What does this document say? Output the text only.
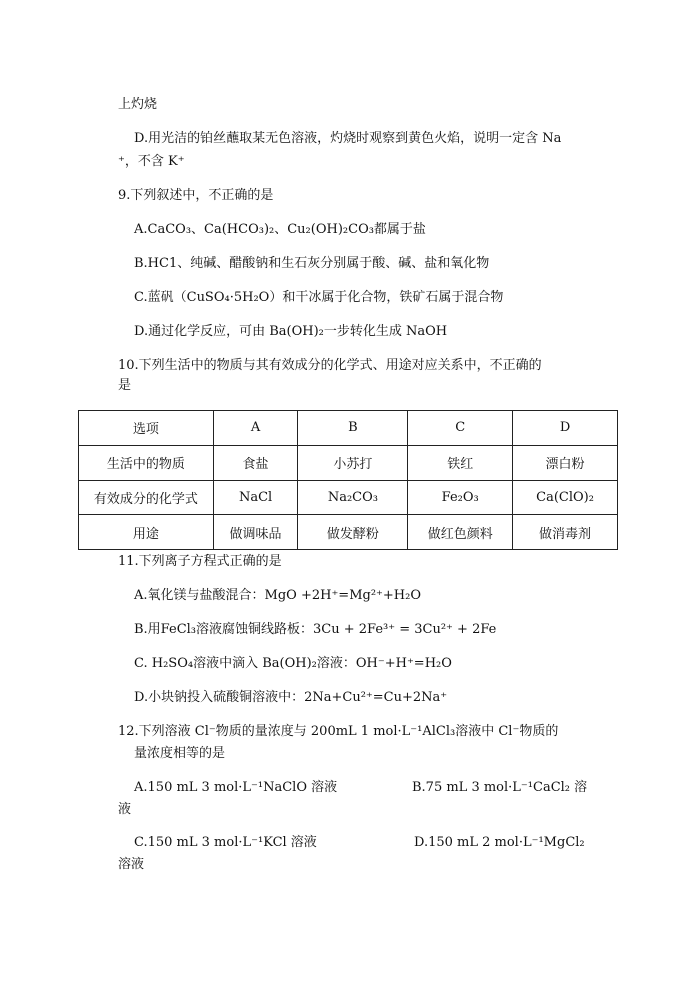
上灼烧
D.用光洁的铂丝蘸取某无色溶液，灼烧时观察到黄色火焰，说明一定含 Na
⁺，不含 K⁺
9.下列叙述中，不正确的是
A.CaCO₃、Ca(HCO₃)₂、Cu₂(OH)₂CO₃都属于盐
B.HC1、纯碱、醋酸钠和生石灰分别属于酸、碱、盐和氧化物
C.蓝矾（CuSO₄·5H₂O）和干冰属于化合物，铁矿石属于混合物
D.通过化学反应，可由 Ba(OH)₂一步转化生成 NaOH
10.下列生活中的物质与其有效成分的化学式、用途对应关系中，不正确的
是
选项	A	B	C	D
生活中的物质	食盐	小苏打	铁红	漂白粉
有效成分的化学式	NaCl	Na₂CO₃	Fe₂O₃	Ca(ClO)₂
用途	做调味品	做发酵粉	做红色颜料	做消毒剂
11.下列离子方程式正确的是
A.氧化镁与盐酸混合：MgO +2H⁺=Mg²⁺+H₂O
B.用FeCl₃溶液腐蚀铜线路板：3Cu + 2Fe³⁺ = 3Cu²⁺ + 2Fe
C. H₂SO₄溶液中滴入 Ba(OH)₂溶液：OH⁻+H⁺=H₂O
D.小块钠投入硫酸铜溶液中：2Na+Cu²⁺=Cu+2Na⁺
12.下列溶液 Cl⁻物质的量浓度与 200mL 1 mol·L⁻¹AlCl₃溶液中 Cl⁻物质的
量浓度相等的是
A.150 mL 3 mol·L⁻¹NaClO 溶液	B.75 mL 3 mol·L⁻¹CaCl₂ 溶
液
C.150 mL 3 mol·L⁻¹KCl 溶液	D.150 mL 2 mol·L⁻¹MgCl₂
溶液
